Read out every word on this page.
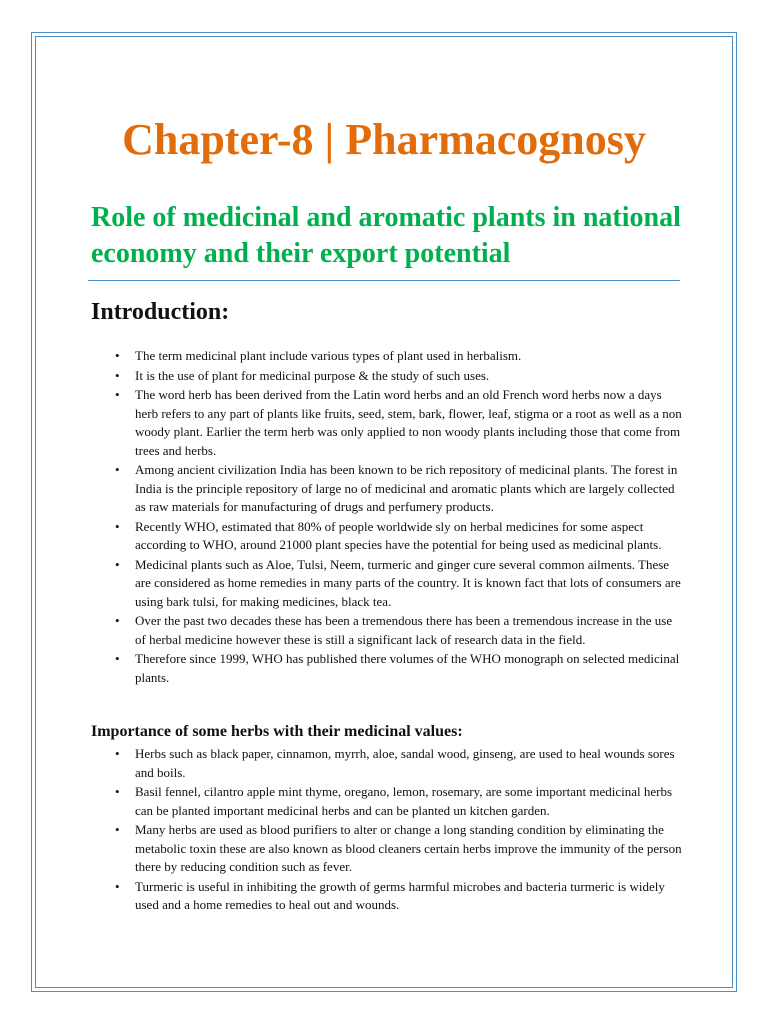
Chapter-8 | Pharmacognosy
Role of medicinal and aromatic plants in national economy and their export potential
Introduction:
• The term medicinal plant include various types of plant used in herbalism.
• It is the use of plant for medicinal purpose & the study of such uses.
• The word herb has been derived from the Latin word herbs and an old French word herbs now a days herb refers to any part of plants like fruits, seed, stem, bark, flower, leaf, stigma or a root as well as a non woody plant. Earlier the term herb was only applied to non woody plants including those that come from trees and herbs.
• Among ancient civilization India has been known to be rich repository of medicinal plants. The forest in India is the principle repository of large no of medicinal and aromatic plants which are largely collected as raw materials for manufacturing of drugs and perfumery products.
• Recently WHO, estimated that 80% of people worldwide sly on herbal medicines for some aspect according to WHO, around 21000 plant species have the potential for being used as medicinal plants.
• Medicinal plants such as Aloe, Tulsi, Neem, turmeric and ginger cure several common ailments. These are considered as home remedies in many parts of the country. It is known fact that lots of consumers are using bark tulsi, for making medicines, black tea.
• Over the past two decades these has been a tremendous there has been a tremendous increase in the use of herbal medicine however these is still a significant lack of research data in the field.
• Therefore since 1999, WHO has published there volumes of the WHO monograph on selected medicinal plants.
Importance of some herbs with their medicinal values:
• Herbs such as black paper, cinnamon, myrrh, aloe, sandal wood, ginseng, are used to heal wounds sores and boils.
• Basil fennel, cilantro apple mint thyme, oregano, lemon, rosemary, are some important medicinal herbs can be planted important medicinal herbs and can be planted un kitchen garden.
• Many herbs are used as blood purifiers to alter or change a long standing condition by eliminating the metabolic toxin these are also known as blood cleaners certain herbs improve the immunity of the person there by reducing condition such as fever.
• Turmeric is useful in inhibiting the growth of germs harmful microbes and bacteria turmeric is widely used and a home remedies to heal out and wounds.
